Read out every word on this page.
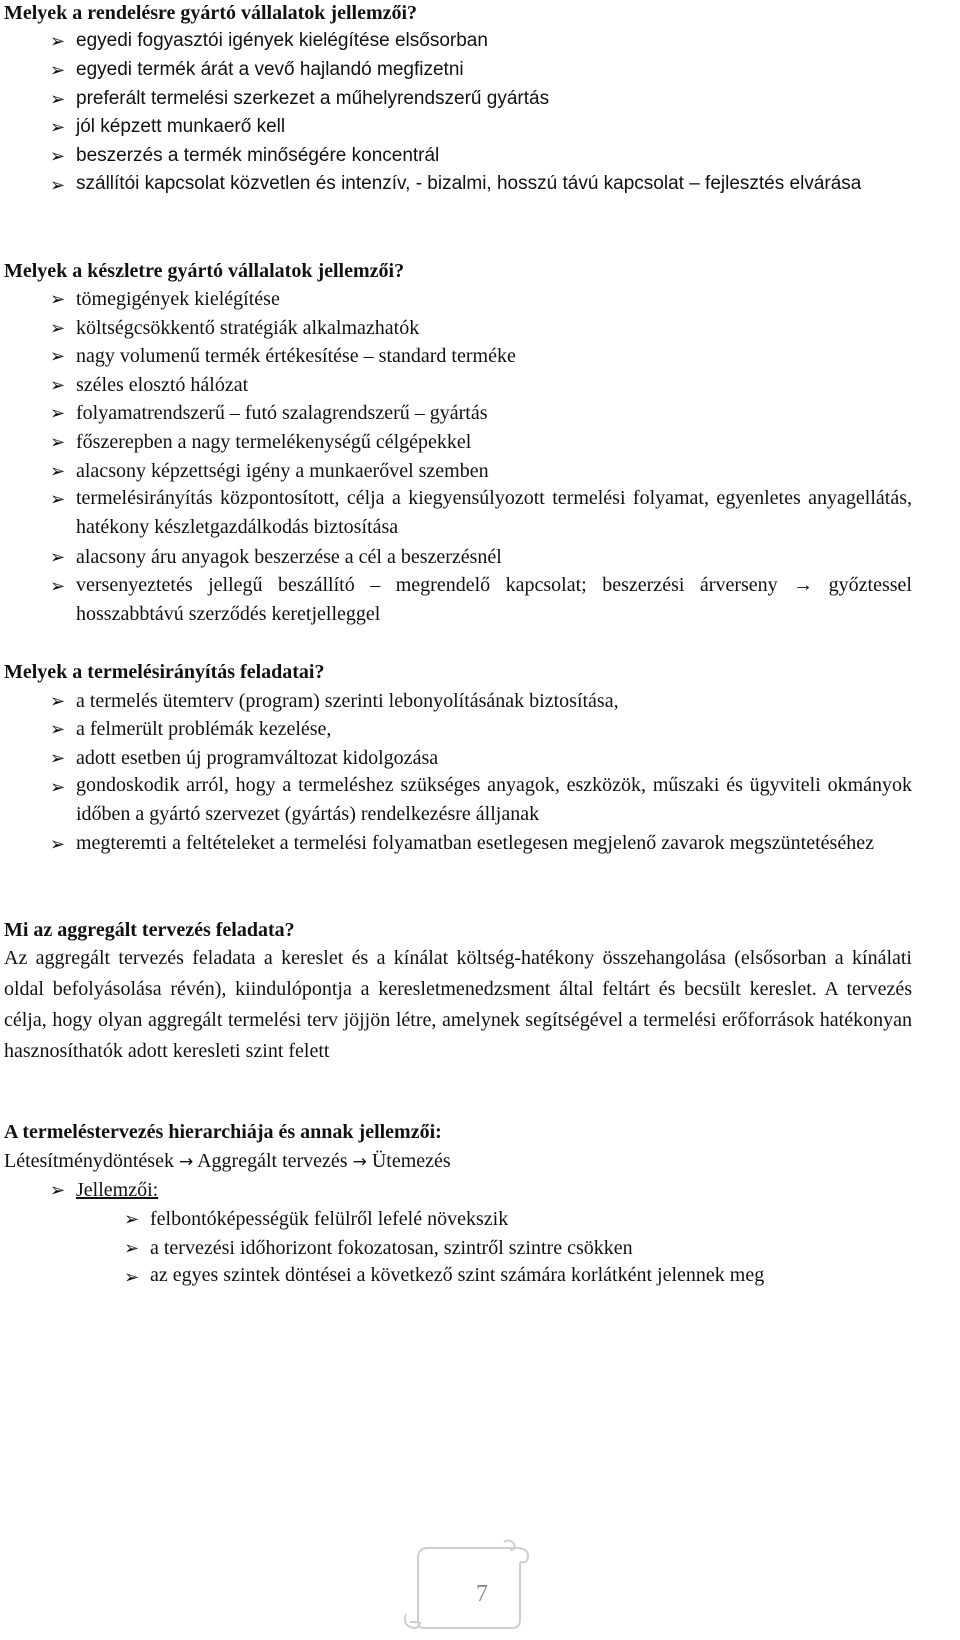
Melyek a rendelésre gyártó vállalatok jellemzői?
➢ egyedi fogyasztói igények kielégítése elsősorban
➢ egyedi termék árát a vevő hajlandó megfizetni
➢ preferált termelési szerkezet a műhelyrendszerű gyártás
➢ jól képzett munkaerő kell
➢ beszerzés a termék minőségére koncentrál
➢ szállítói kapcsolat közvetlen és intenzív, - bizalmi, hosszú távú kapcsolat – fejlesztés elvárása
Melyek a készletre gyártó vállalatok jellemzői?
➢ tömegigények kielégítése
➢ költségcsökkentő stratégiák alkalmazhatók
➢ nagy volumenű termék értékesítése – standard terméke
➢ széles elosztó hálózat
➢ folyamatrendszerű – futó szalagrendszerű – gyártás
➢ főszerepben a nagy termelékenységű célgépekkel
➢ alacsony képzettségi igény a munkaerővel szemben
➢ termelésirányítás központosított, célja a kiegyensúlyozott termelési folyamat, egyenletes anyagellátás, hatékony készletgazdálkodás biztosítása
➢ alacsony áru anyagok beszerzése a cél a beszerzésnél
➢ versenyeztetés jellegű beszállító – megrendelő kapcsolat; beszerzési árverseny → győztessel hosszabbtávú szerződés keretjelleggel
Melyek a termelésirányítás feladatai?
➢ a termelés ütemterv (program) szerinti lebonyolításának biztosítása,
➢ a felmerült problémák kezelése,
➢ adott esetben új programváltozat kidolgozása
➢ gondoskodik arról, hogy a termeléshez szükséges anyagok, eszközök, műszaki és ügyviteli okmányok időben a gyártó szervezet (gyártás) rendelkezésre álljanak
➢ megteremti a feltételeket a termelési folyamatban esetlegesen megjelenő zavarok megszüntetéséhez
Mi az aggregált tervezés feladata?
Az aggregált tervezés feladata a kereslet és a kínálat költség-hatékony összehangolása (elsősorban a kínálati oldal befolyásolása révén), kiindulópontja a keresletmenedzsment által feltárt és becsült kereslet. A tervezés célja, hogy olyan aggregált termelési terv jöjjön létre, amelynek segítségével a termelési erőforrások hatékonyan hasznosíthatók adott keresleti szint felett
A termeléstervezés hierarchiája és annak jellemzői:
Létesítménydöntések → Aggregált tervezés → Ütemezés
➢ Jellemzői:
➢ felbontóképességük felülről lefelé növekszik
➢ a tervezési időhorizont fokozatosan, szintről szintre csökken
➢ az egyes szintek döntései a következő szint számára korlátként jelennek meg
7
